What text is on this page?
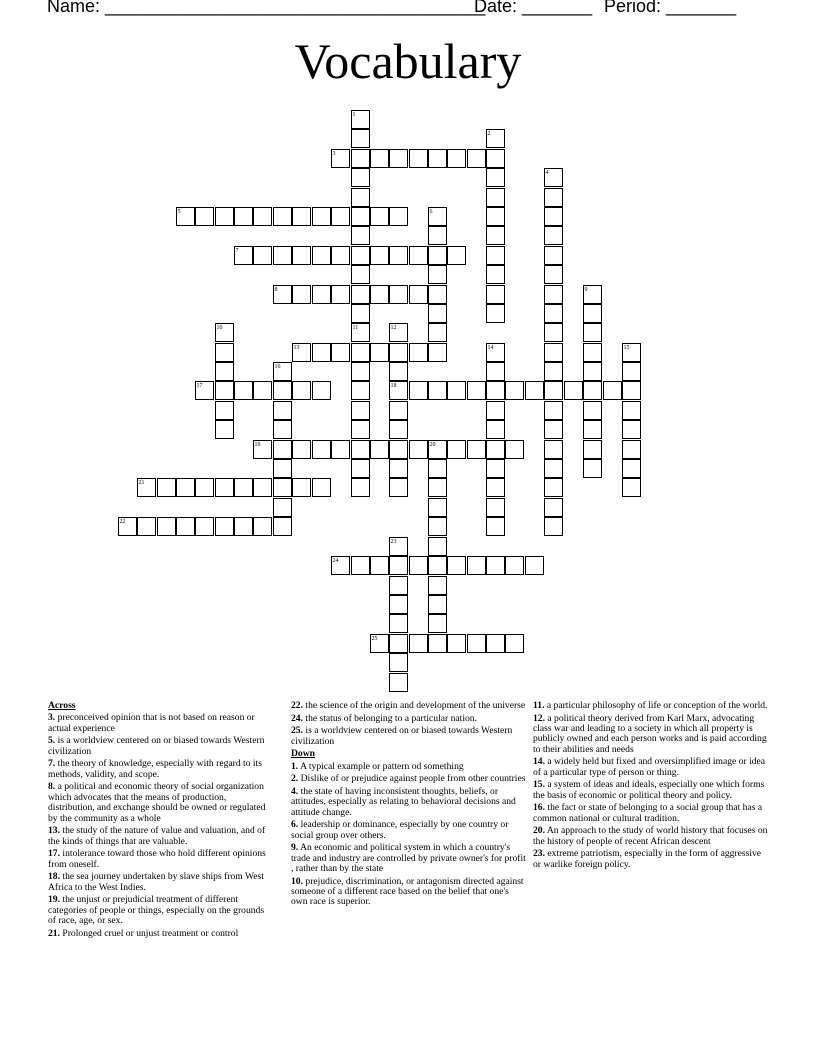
Name: ______________________________________
Date: _______ Period: _______
Vocabulary
1
2
3
4
5	6
7
8	9
10	11	12
13	14	15
16
17	18
19	20
21
22
23
24
25
Across
3. preconceived opinion that is not based on reason or actual experience
5. is a worldview centered on or biased towards Western civilization
7. the theory of knowledge, especially with regard to its methods, validity, and scope.
8. a political and economic theory of social organization which advocates that the means of production, distribution, and exchange should be owned or regulated by the community as a whole
13. the study of the nature of value and valuation, and of the kinds of things that are valuable.
17. intolerance toward those who hold different opinions from oneself.
18. the sea journey undertaken by slave ships from West Africa to the West Indies.
19. the unjust or prejudicial treatment of different categories of people or things, especially on the grounds of race, age, or sex.
21. Prolonged cruel or unjust treatment or control
22. the science of the origin and development of the universe
24. the status of belonging to a particular nation.
25. is a worldview centered on or biased towards Western civilization
Down
1. A typical example or pattern od something
2. Dislike of or prejudice against people from other countries
4. the state of having inconsistent thoughts, beliefs, or attitudes, especially as relating to behavioral decisions and attitude change.
6. leadership or dominance, especially by one country or social group over others.
9. An economic and political system in which a country's trade and industry are controlled by private owner's for profit , rather than by the state
10. prejudice, discrimination, or antagonism directed against someone of a different race based on the belief that one's own race is superior.
11. a particular philosophy of life or conception of the world.
12. a political theory derived from Karl Marx, advocating class war and leading to a society in which all property is publicly owned and each person works and is paid according to their abilities and needs
14. a widely held but fixed and oversimplified image or idea of a particular type of person or thing.
15. a system of ideas and ideals, especially one which forms the basis of economic or political theory and policy.
16. the fact or state of belonging to a social group that has a common national or cultural tradition.
20. An approach to the study of world history that focuses on the history of people of recent African descent
23. extreme patriotism, especially in the form of aggressive or warlike foreign policy.
